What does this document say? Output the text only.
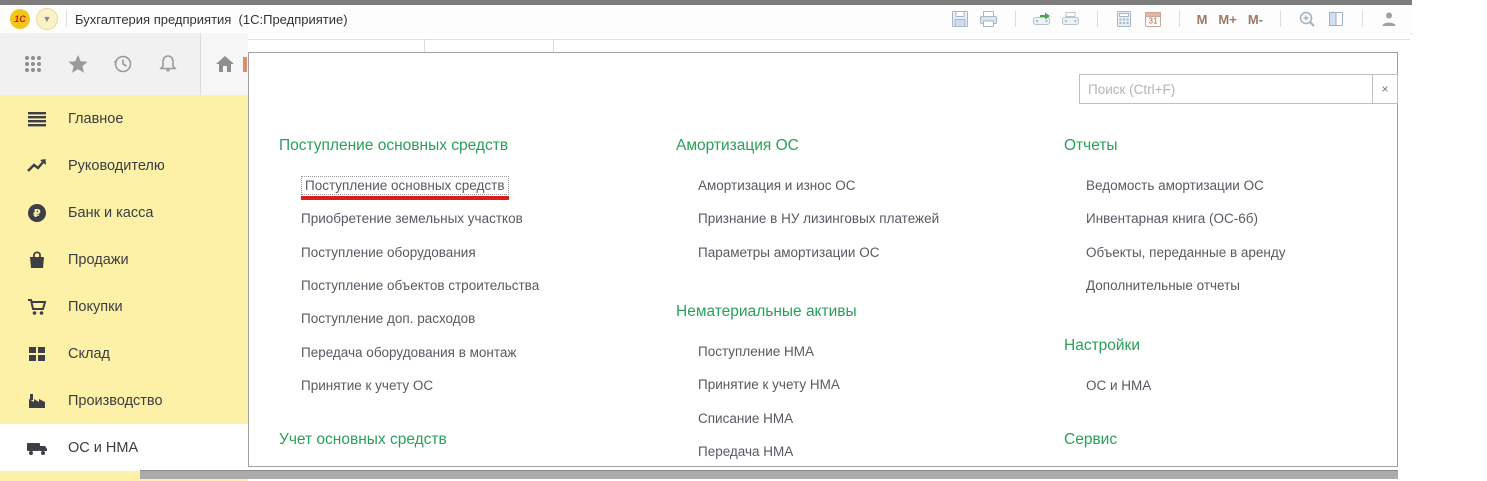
1С	▼ Бухгалтерия предприятия  (1С:Предприятие)	31	M M+ M-
Главное
Руководителю
₽ Банк и касса
Продажи
Покупки
Склад
Производство
ОС и НМА
Поиск (Ctrl+F)
×
Поступление основных средств
Поступление основных средств
Приобретение земельных участков
Поступление оборудования
Поступление объектов строительства
Поступление доп. расходов
Передача оборудования в монтаж
Принятие к учету ОС
Учет основных средств
Амортизация ОС
Амортизация и износ ОС
Признание в НУ лизинговых платежей
Параметры амортизации ОС
Нематериальные активы
Поступление НМА
Принятие к учету НМА
Списание НМА
Передача НМА
Отчеты
Ведомость амортизации ОС
Инвентарная книга (ОС-6б)
Объекты, переданные в аренду
Дополнительные отчеты
Настройки
ОС и НМА
Сервис
